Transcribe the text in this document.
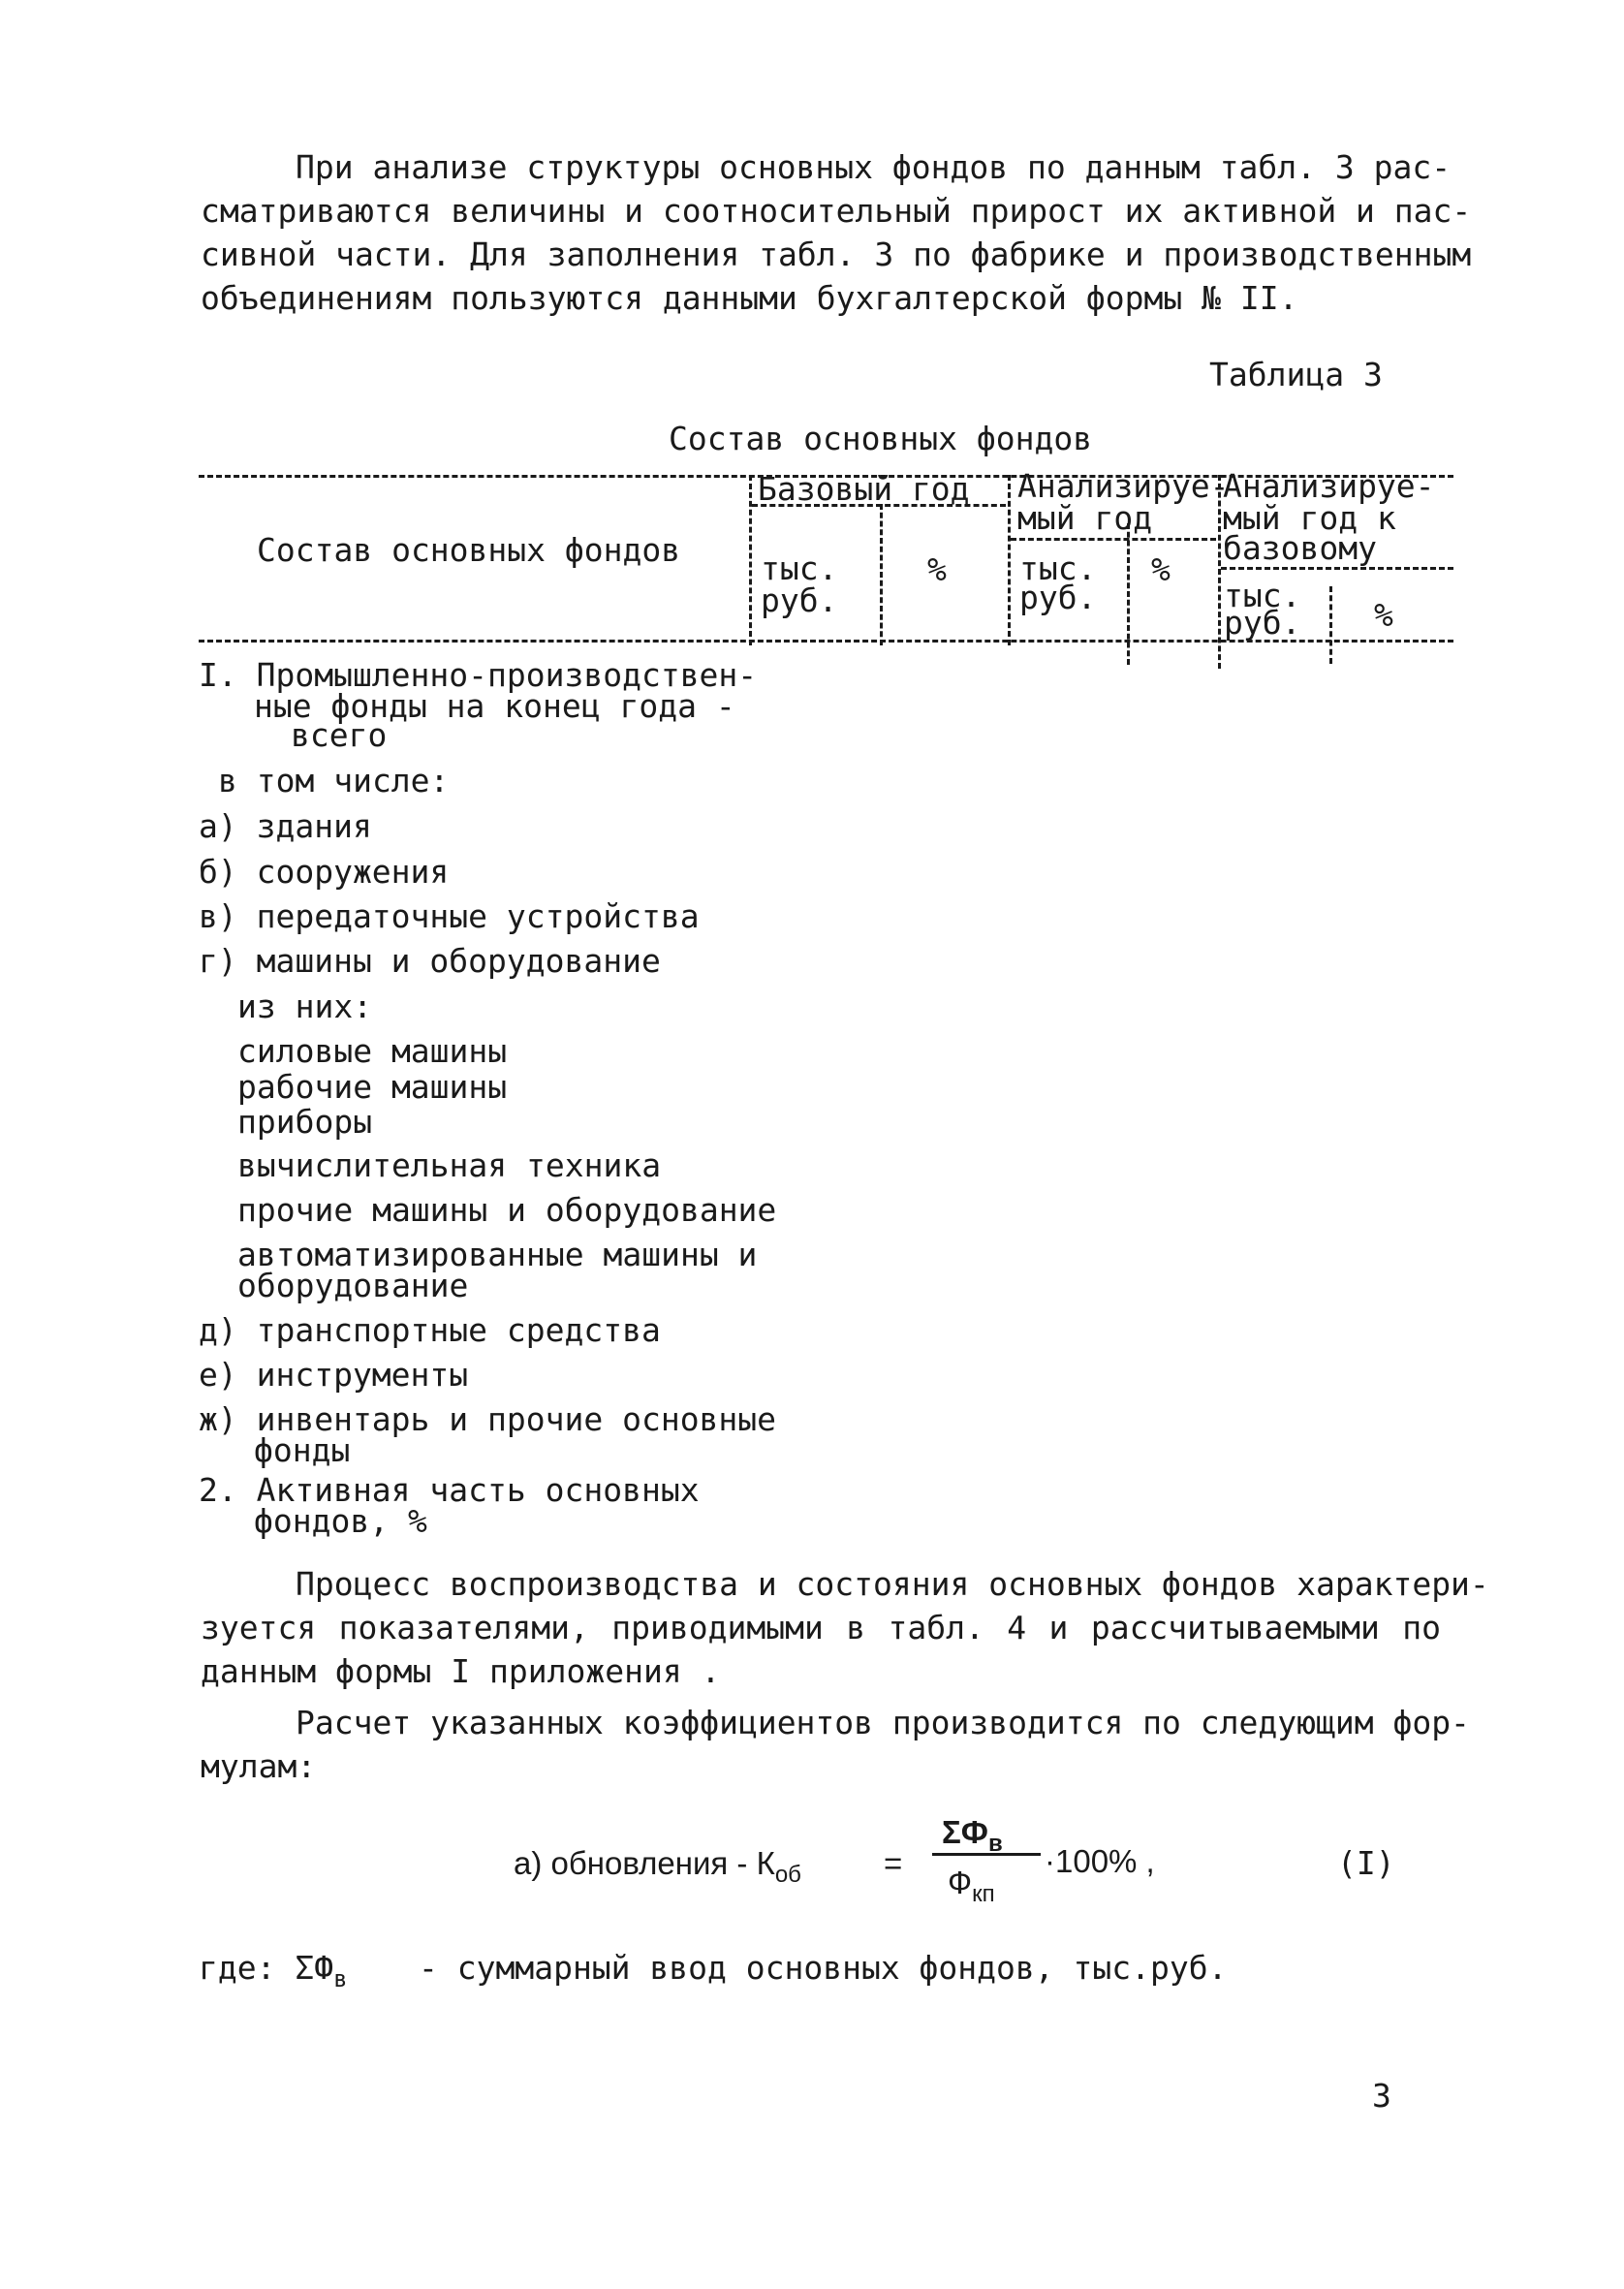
При анализе структуры основных фондов по данным табл. 3 рас-
сматриваются величины и соотносительный прирост их активной и пас-
сивной части. Для заполнения табл. 3 по фабрике и производственным
объединениям пользуются данными бухгалтерской формы № II.
Таблица 3
Состав основных фондов
Состав основных фондов
Базовый год Анализируе-
мый год
Анализируе-
мый год к
базовому
тыс.
руб.
% тыс.
руб.
%
тыс.
руб. %
I. Промышленно-производствен-
ные фонды на конец года -
всего
в том числе:
а) здания
б) сооружения
в) передаточные устройства
г) машины и оборудование
из них:
силовые машины
рабочие машины
приборы
вычислительная техника
прочие машины и оборудование
автоматизированные машины и
оборудование
д) транспортные средства
е) инструменты
ж) инвентарь и прочие основные
фонды
2. Активная часть основных
фондов, %
Процесс воспроизводства и состояния основных фондов характери-
зуется показателями, приводимыми в табл. 4 и рассчитываемыми по
данным формы I приложения .
Расчет указанных коэффициентов производится по следующим фор-
мулам:
а) обновления - $К_{об}$	=
$\Sigma Ф_в$
$Ф_{кп}$
·100% ,	(I)
где: $\Sigma Ф_в$ - суммарный ввод основных фондов, тыс.руб.
3
